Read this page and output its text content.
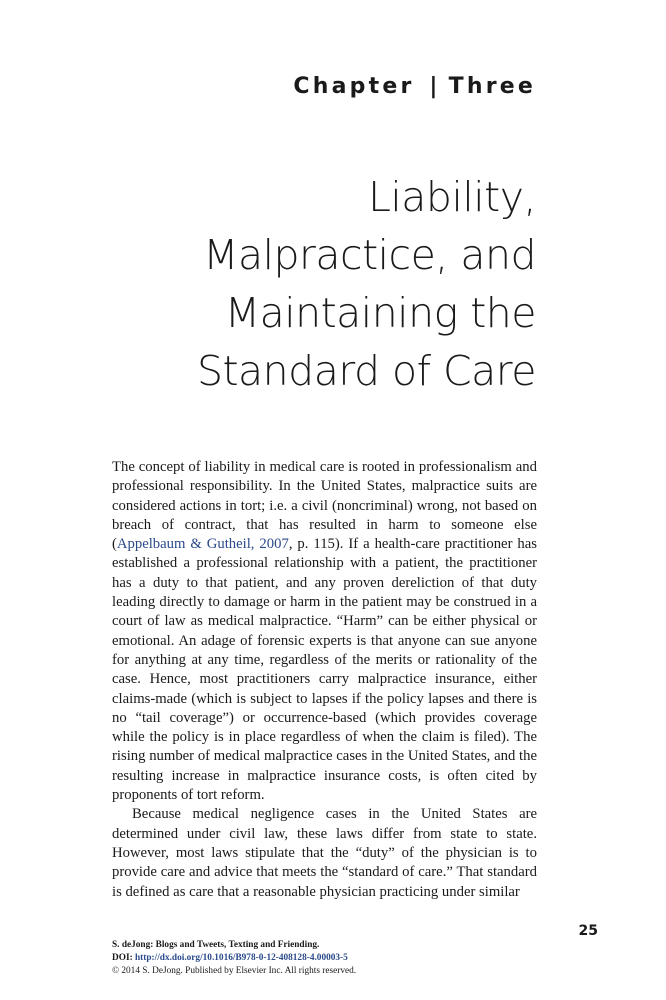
Chapter | Three
Liability,
Malpractice, and
Maintaining the
Standard of Care

The concept of liability in medical care is rooted in professionalism and professional responsibility. In the United States, malpractice suits are considered actions in tort; i.e. a civil (noncriminal) wrong, not based on breach of contract, that has resulted in harm to someone else (Appelbaum & Gutheil, 2007, p. 115). If a health-care practitioner has established a professional relationship with a patient, the practitioner has a duty to that patient, and any proven dereliction of that duty leading directly to damage or harm in the patient may be construed in a court of law as medical malpractice. “Harm” can be either physical or emotional. An adage of forensic experts is that anyone can sue anyone for anything at any time, regardless of the merits or rationality of the case. Hence, most practitioners carry malpractice insurance, either claims-made (which is subject to lapses if the policy lapses and there is no “tail coverage”) or occurrence-based (which provides coverage while the policy is in place regardless of when the claim is filed). The rising number of medical malpractice cases in the United States, and the resulting increase in malpractice insurance costs, is often cited by proponents of tort reform.

Because medical negligence cases in the United States are determined under civil law, these laws differ from state to state. However, most laws stipulate that the “duty” of the physician is to provide care and advice that meets the “standard of care.” That standard is defined as care that a reasonable physician practicing under similar

25
S. deJong: Blogs and Tweets, Texting and Friending.
DOI: http://dx.doi.org/10.1016/B978-0-12-408128-4.00003-5
© 2014 S. DeJong. Published by Elsevier Inc. All rights reserved.
